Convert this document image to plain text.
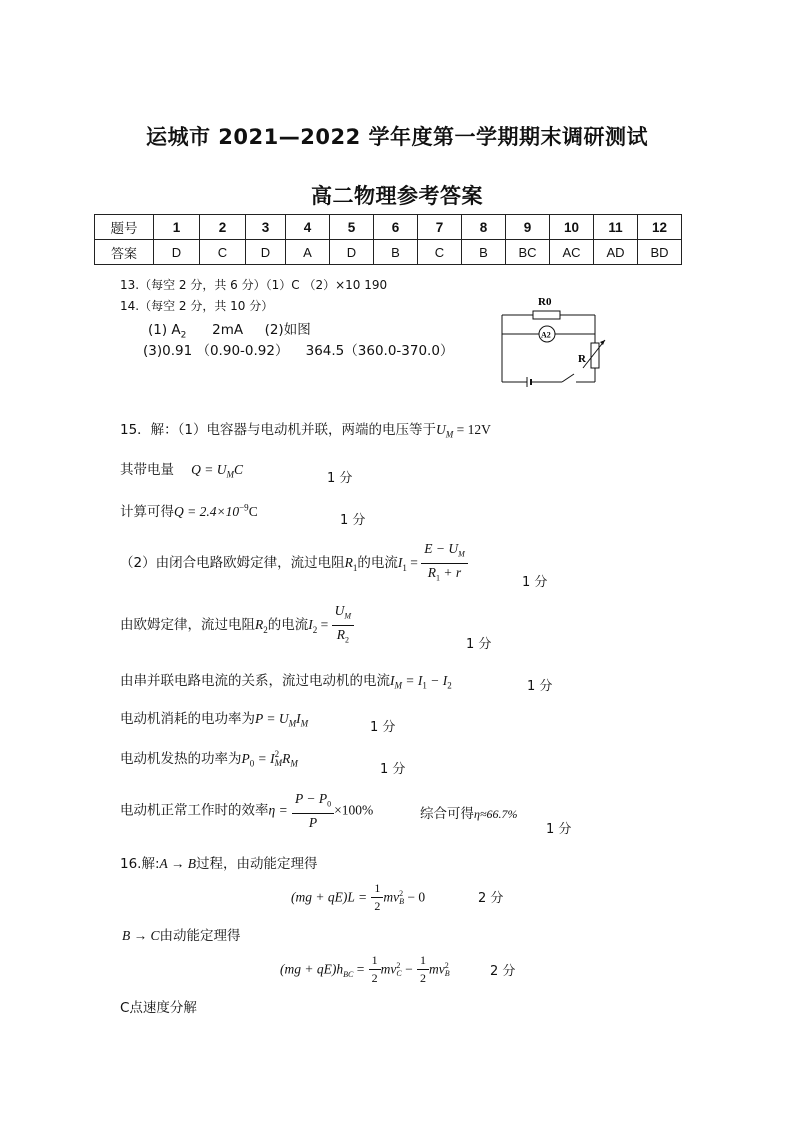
运城市 2021—2022 学年度第一学期期末调研测试
高二物理参考答案
题号	1	2	3	4	5	6	7	8	9	10	11	12
答案	D	C	D	A	D	B	C	B	BC	AC	AD	BD
13.（每空 2 分，共 6 分）（1）C （2）×10 190
14.（每空 2 分，共 10 分）
(1) $A_2$      2mA     (2)如图
(3)0.91 （0.90-0.92）    364.5（360.0-370.0）
R0
A2
R
15．解：（1）电容器与电动机并联，两端的电压等于$U_M = 12V$
其带电量 $Q = U_MC$
1 分
计算可得$Q = 2.4\times 10^{-9}C$
1 分
（2）由闭合电路欧姆定律，流过电阻$R_1$的电流$I_1 = \frac{E - U_M}{R_1 + r}$	1 分
由欧姆定律，流过电阻$R_2$的电流$I_2 = \frac{U_M}{R_2}$	1 分
由串并联电路电流的关系，流过电动机的电流$I_M = I_1 - I_2$	1 分
电动机消耗的电功率为$P = U_MI_M$	1 分
电动机发热的功率为$P_0 = I$ 2
M $R_M$	1 分
电动机正常工作时的效率$\eta = \frac{P - P_0}{P} \times 100\%$	综合可得η≈66.7%
1 分
16.解:A → B过程，由动能定理得
$(mg + qE)L = \frac{1}{2}$ mv 2
B − 0	2 分
B → C由动能定理得
$(mg + qE)h_{BC} = \frac{1}{2}$ mv 2
$C - \frac{1}{2}$ mv 2
B	2 分
C点速度分解
